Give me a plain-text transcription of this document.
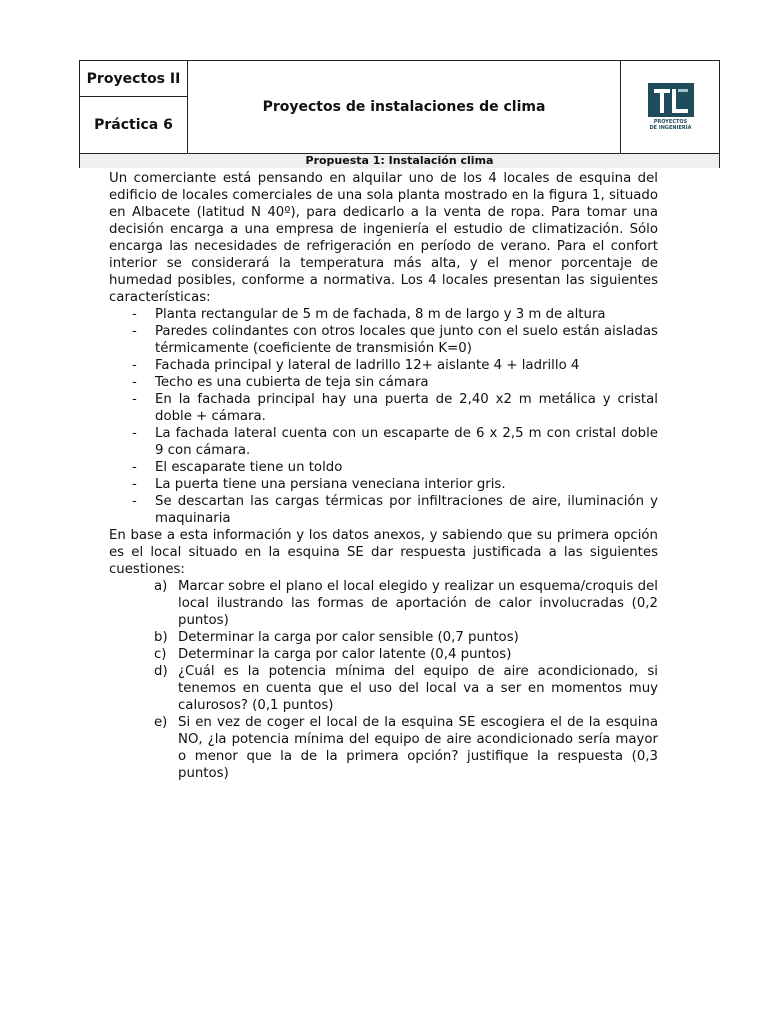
Proyectos II
Práctica 6
Proyectos de instalaciones de clima
PROYECTOS
DE INGENIERÍA
Propuesta 1: Instalación clima

Un comerciante está pensando en alquilar uno de los 4 locales de esquina del edificio de locales comerciales de una sola planta mostrado en la figura 1, situado en Albacete (latitud N 40º), para dedicarlo a la venta de ropa. Para tomar una decisión encarga a una empresa de ingeniería el estudio de climatización. Sólo encarga las necesidades de refrigeración en período de verano. Para el confort interior se considerará la temperatura más alta, y el menor porcentaje de humedad posibles, conforme a normativa. Los 4 locales presentan las siguientes características:

- Planta rectangular de 5 m de fachada, 8 m de largo y 3 m de altura
- Paredes colindantes con otros locales que junto con el suelo están aisladas térmicamente (coeficiente de transmisión K=0)
- Fachada principal y lateral de ladrillo 12+ aislante 4 + ladrillo 4
- Techo es una cubierta de teja sin cámara
- En la fachada principal hay una puerta de 2,40 x2 m metálica y cristal doble + cámara.
- La fachada lateral cuenta con un escaparte de 6 x 2,5 m con cristal doble 9 con cámara.
- El escaparate tiene un toldo
- La puerta tiene una persiana veneciana interior gris.
- Se descartan las cargas térmicas por infiltraciones de aire, iluminación y maquinaria

En base a esta información y los datos anexos, y sabiendo que su primera opción es el local situado en la esquina SE dar respuesta justificada a las siguientes cuestiones:

a) Marcar sobre el plano el local elegido y realizar un esquema/croquis del local ilustrando las formas de aportación de calor involucradas (0,2 puntos)
b) Determinar la carga por calor sensible (0,7 puntos)
c) Determinar la carga por calor latente (0,4 puntos)
d) ¿Cuál es la potencia mínima del equipo de aire acondicionado, si tenemos en cuenta que el uso del local va a ser en momentos muy calurosos? (0,1 puntos)
e) Si en vez de coger el local de la esquina SE escogiera el de la esquina NO, ¿la potencia mínima del equipo de aire acondicionado sería mayor o menor que la de la primera opción? justifique la respuesta (0,3 puntos)
